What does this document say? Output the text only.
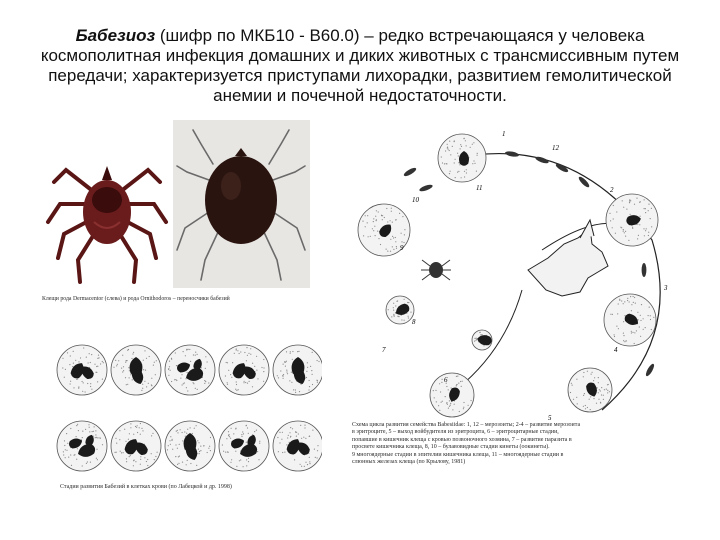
Бабезиоз (шифр по МКБ10 - В60.0) – редко встречающаяся у человека космополитная инфекция домашних и диких животных с трансмиссивным путем передачи; характеризуется приступами лихорадки, развитием гемолитической анемии и почечной недостаточности.
Клещи рода Dermacentor (слева) и рода Ornithodoros – переносчики бабезий
Стадии развития Бабезий в клетках крови (по Лабецкой и др. 1998)
1
2
3
4
5
6
7
8
9
10
11
12
Схема цикла развития семейства Babesiidae: 1, 12 – мерозоиты; 2-4 – развитие мерозоита
в эритроците, 5 – выход войбудителя из эритроцита, 6 – эритроцитарные стадии,
попавшие в кишечник клеща с кровью позвоночного хозяина, 7 – развитие паразита в
просвете кишечника клеща, 8, 10 – булавовидные стадии кинеты (оокинеты).
9 многоядерные стадии в эпителии кишечника клеща, 11 – многоядерные стадии в
слюнных железах клеща (по Крылову, 1981)
